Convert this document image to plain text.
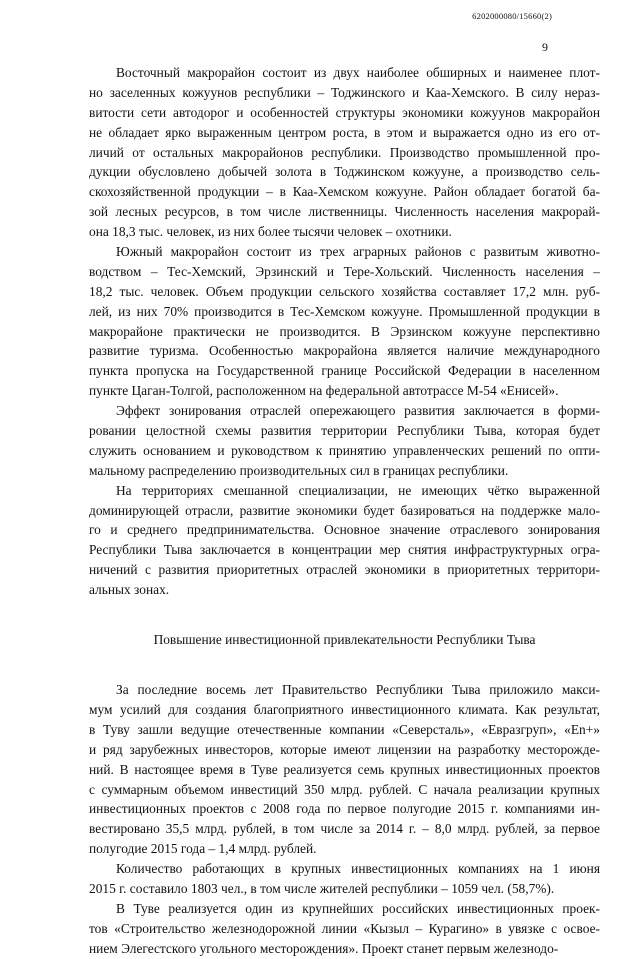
6202000080/15660(2)
9
Восточный макрорайон состоит из двух наиболее обширных и наименее плот-
но заселенных кожуунов республики – Тоджинского и Каа-Хемского. В силу нераз-
витости сети автодорог и особенностей структуры экономики кожуунов макрорайон
не обладает ярко выраженным центром роста, в этом и выражается одно из его от-
личий от остальных макрорайонов республики. Производство промышленной про-
дукции обусловлено добычей золота в Тоджинском кожууне, а производство сель-
скохозяйственной продукции – в Каа-Хемском кожууне. Район обладает богатой ба-
зой лесных ресурсов, в том числе лиственницы. Численность населения макрорай-
она 18,3 тыс. человек, из них более тысячи человек – охотники.
Южный макрорайон состоит из трех аграрных районов с развитым животно-
водством – Тес-Хемский, Эрзинский и Тере-Хольский. Численность населения –
18,2 тыс. человек. Объем продукции сельского хозяйства составляет 17,2 млн. руб-
лей, из них 70% производится в Тес-Хемском кожууне. Промышленной продукции в
макрорайоне практически не производится. В Эрзинском кожууне перспективно
развитие туризма. Особенностью макрорайона является наличие международного
пункта пропуска на Государственной границе Российской Федерации в населенном
пункте Цаган-Толгой, расположенном на федеральной автотрассе М-54 «Енисей».
Эффект зонирования отраслей опережающего развития заключается в форми-
ровании целостной схемы развития территории Республики Тыва, которая будет
служить основанием и руководством к принятию управленческих решений по опти-
мальному распределению производительных сил в границах республики.
На территориях смешанной специализации, не имеющих чётко выраженной
доминирующей отрасли, развитие экономики будет базироваться на поддержке мало-
го и среднего предпринимательства. Основное значение отраслевого зонирования
Республики Тыва заключается в концентрации мер снятия инфраструктурных огра-
ничений с развития приоритетных отраслей экономики в приоритетных территори-
альных зонах.
Повышение инвестиционной привлекательности Республики Тыва
За последние восемь лет Правительство Республики Тыва приложило макси-
мум усилий для создания благоприятного инвестиционного климата. Как результат,
в Туву зашли ведущие отечественные компании «Северсталь», «Евразгруп», «En+»
и ряд зарубежных инвесторов, которые имеют лицензии на разработку месторожде-
ний. В настоящее время в Туве реализуется семь крупных инвестиционных проектов
с суммарным объемом инвестиций 350 млрд. рублей. С начала реализации крупных
инвестиционных проектов с 2008 года по первое полугодие 2015 г. компаниями ин-
вестировано 35,5 млрд. рублей, в том числе за 2014 г. – 8,0 млрд. рублей, за первое
полугодие 2015 года – 1,4 млрд. рублей.
Количество работающих в крупных инвестиционных компаниях на 1 июня
2015 г. составило 1803 чел., в том числе жителей республики – 1059 чел. (58,7%).
В Туве реализуется один из крупнейших российских инвестиционных проек-
тов «Строительство железнодорожной линии «Кызыл – Курагино» в увязке с освое-
нием Элегестского угольного месторождения». Проект станет первым железнодо-
